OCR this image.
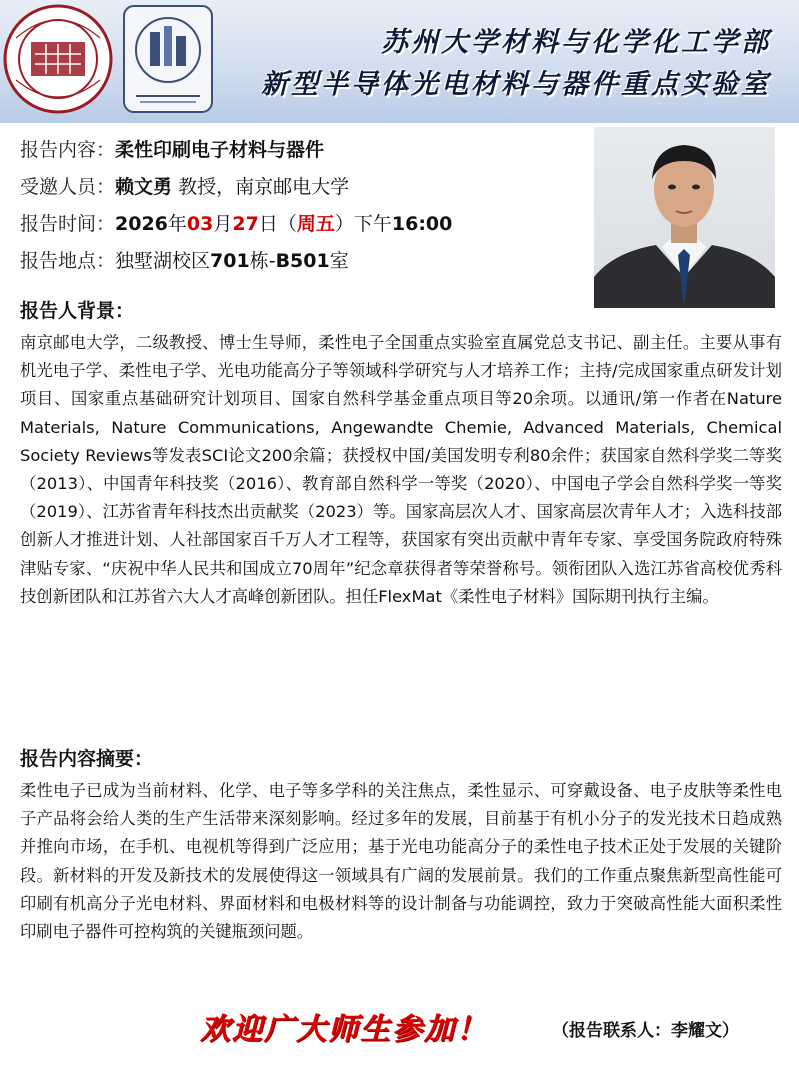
苏州大学材料与化学化工学部
新型半导体光电材料与器件重点实验室
报告内容：柔性印刷电子材料与器件
受邀人员：赖文勇 教授，南京邮电大学
报告时间：2026年03月27日（周五）下午16:00
报告地点：独墅湖校区701栋-B501室
报告人背景：
南京邮电大学，二级教授、博士生导师，柔性电子全国重点实验室直属党总支书记、副主任。主要从事有机光电子学、柔性电子学、光电功能高分子等领域科学研究与人才培养工作；主持/完成国家重点研发计划项目、国家重点基础研究计划项目、国家自然科学基金重点项目等20余项。以通讯/第一作者在Nature Materials, Nature Communications, Angewandte Chemie, Advanced Materials, Chemical Society Reviews等发表SCI论文200余篇；获授权中国/美国发明专利80余件；获国家自然科学奖二等奖（2013）、中国青年科技奖（2016）、教育部自然科学一等奖（2020）、中国电子学会自然科学奖一等奖（2019）、江苏省青年科技杰出贡献奖（2023）等。国家高层次人才、国家高层次青年人才；入选科技部创新人才推进计划、人社部国家百千万人才工程等，获国家有突出贡献中青年专家、享受国务院政府特殊津贴专家、“庆祝中华人民共和国成立70周年”纪念章获得者等荣誉称号。领衔团队入选江苏省高校优秀科技创新团队和江苏省六大人才高峰创新团队。担任FlexMat《柔性电子材料》国际期刊执行主编。
报告内容摘要：
柔性电子已成为当前材料、化学、电子等多学科的关注焦点，柔性显示、可穿戴设备、电子皮肤等柔性电子产品将会给人类的生产生活带来深刻影响。经过多年的发展，目前基于有机小分子的发光技术日趋成熟并推向市场，在手机、电视机等得到广泛应用；基于光电功能高分子的柔性电子技术正处于发展的关键阶段。新材料的开发及新技术的发展使得这一领域具有广阔的发展前景。我们的工作重点聚焦新型高性能可印刷有机高分子光电材料、界面材料和电极材料等的设计制备与功能调控，致力于突破高性能大面积柔性印刷电子器件可控构筑的关键瓶颈问题。
欢迎广大师生参加！	（报告联系人：李耀文）
